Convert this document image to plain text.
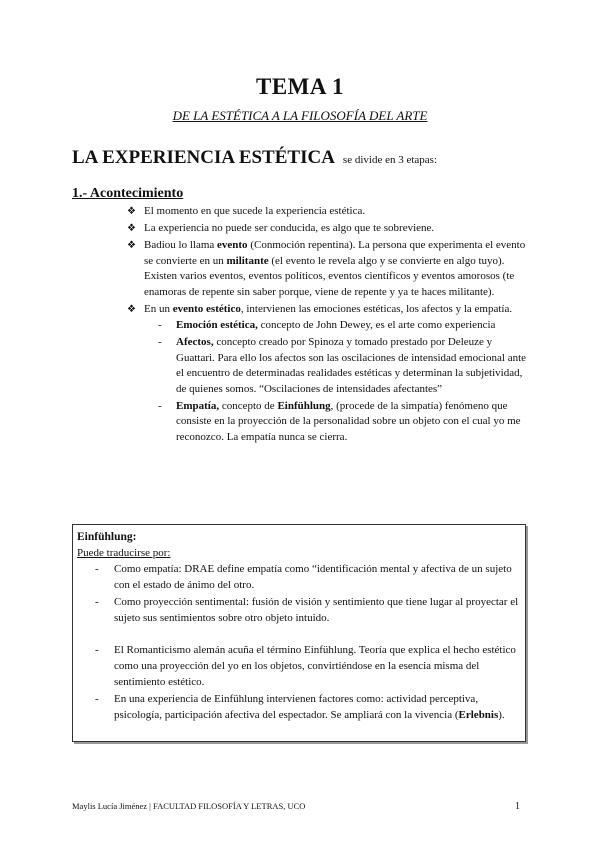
TEMA 1
DE LA ESTÉTICA A LA FILOSOFÍA DEL ARTE
LA EXPERIENCIA ESTÉTICA se divide en 3 etapas:
1.- Acontecimiento
❖ El momento en que sucede la experiencia estética.
❖ La experiencia no puede ser conducida, es algo que te sobreviene.
❖ Badiou lo llama evento (Conmoción repentina). La persona que experimenta el evento se convierte en un militante (el evento le revela algo y se convierte en algo tuyo). Existen varios eventos, eventos políticos, eventos científicos y eventos amorosos (te enamoras de repente sin saber porque, viene de repente y ya te haces militante).
❖ En un evento estético, intervienen las emociones estéticas, los afectos y la empatía.
- Emoción estética, concepto de John Dewey, es el arte como experiencia
- Afectos, concepto creado por Spinoza y tomado prestado por Deleuze y Guattari. Para ello los afectos son las oscilaciones de intensidad emocional ante el encuentro de determinadas realidades estéticas y determinan la subjetividad, de quienes somos. “Oscilaciones de intensidades afectantes”
- Empatía, concepto de Einfühlung, (procede de la simpatía) fenómeno que consiste en la proyección de la personalidad sobre un objeto con el cual yo me reconozco. La empatía nunca se cierra.
Einfühlung:
Puede traducirse por:
- Como empatía: DRAE define empatía como “identificación mental y afectiva de un sujeto con el estado de ánimo del otro.
- Como proyección sentimental: fusión de visión y sentimiento que tiene lugar al proyectar el sujeto sus sentimientos sobre otro objeto intuido.
- El Romanticismo alemán acuña el término Einfühlung. Teoría que explica el hecho estético como una proyección del yo en los objetos, convirtiéndose en la esencia misma del sentimiento estético.
- En una experiencia de Einfühlung intervienen factores como: actividad perceptiva, psicología, participación afectiva del espectador. Se ampliará con la vivencia (Erlebnis).
Maylis Lucía Jiménez | FACULTAD FILOSOFÍA Y LETRAS, UCO	1
